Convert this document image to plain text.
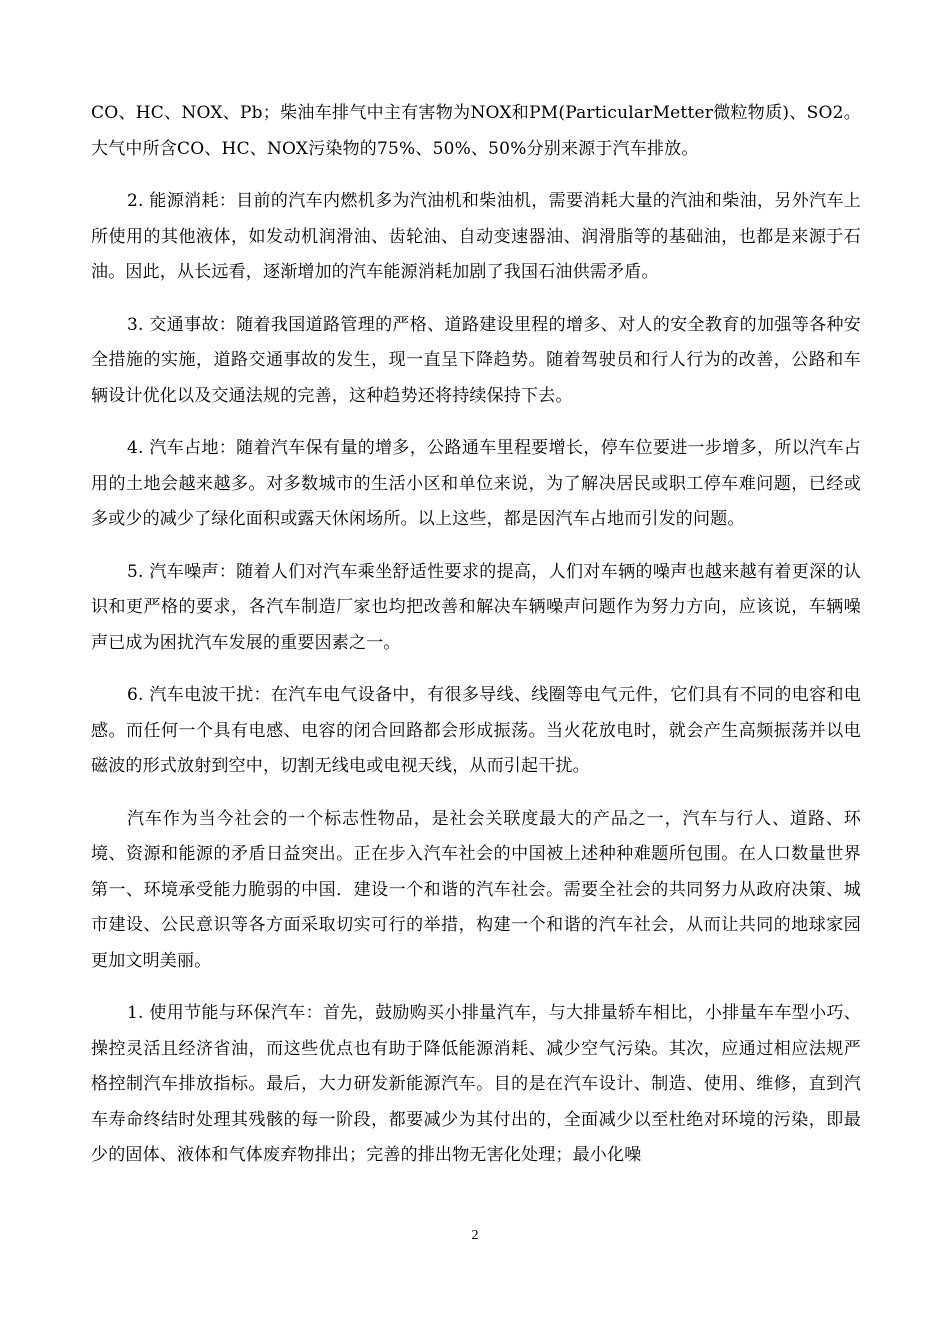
CO、HC、NOX、Pb；柴油车排气中主有害物为NOX和PM(ParticularMetter微粒物质)、SO2。大气中所含CO、HC、NOX污染物的75%、50%、50%分别来源于汽车排放。

2. 能源消耗：目前的汽车内燃机多为汽油机和柴油机，需要消耗大量的汽油和柴油，另外汽车上所使用的其他液体，如发动机润滑油、齿轮油、自动变速器油、润滑脂等的基础油，也都是来源于石油。因此，从长远看，逐渐增加的汽车能源消耗加剧了我国石油供需矛盾。

3. 交通事故：随着我国道路管理的严格、道路建设里程的增多、对人的安全教育的加强等各种安全措施的实施，道路交通事故的发生，现一直呈下降趋势。随着驾驶员和行人行为的改善，公路和车辆设计优化以及交通法规的完善，这种趋势还将持续保持下去。

4. 汽车占地：随着汽车保有量的增多，公路通车里程要增长，停车位要进一步增多，所以汽车占用的土地会越来越多。对多数城市的生活小区和单位来说，为了解决居民或职工停车难问题，已经或多或少的减少了绿化面积或露天休闲场所。以上这些，都是因汽车占地而引发的问题。

5. 汽车噪声：随着人们对汽车乘坐舒适性要求的提高，人们对车辆的噪声也越来越有着更深的认识和更严格的要求，各汽车制造厂家也均把改善和解决车辆噪声问题作为努力方向，应该说，车辆噪声已成为困扰汽车发展的重要因素之一。

6. 汽车电波干扰：在汽车电气设备中，有很多导线、线圈等电气元件，它们具有不同的电容和电感。而任何一个具有电感、电容的闭合回路都会形成振荡。当火花放电时，就会产生高频振荡并以电磁波的形式放射到空中，切割无线电或电视天线，从而引起干扰。

汽车作为当今社会的一个标志性物品，是社会关联度最大的产品之一，汽车与行人、道路、环境、资源和能源的矛盾日益突出。正在步入汽车社会的中国被上述种种难题所包围。在人口数量世界第一、环境承受能力脆弱的中国．建设一个和谐的汽车社会。需要全社会的共同努力从政府决策、城市建设、公民意识等各方面采取切实可行的举措，构建一个和谐的汽车社会，从而让共同的地球家园更加文明美丽。

1. 使用节能与环保汽车：首先，鼓励购买小排量汽车，与大排量轿车相比，小排量车车型小巧、操控灵活且经济省油，而这些优点也有助于降低能源消耗、减少空气污染。其次，应通过相应法规严格控制汽车排放指标。最后，大力研发新能源汽车。目的是在汽车设计、制造、使用、维修，直到汽车寿命终结时处理其残骸的每一阶段，都要减少为其付出的，全面减少以至杜绝对环境的污染，即最少的固体、液体和气体废弃物排出；完善的排出物无害化处理；最小化噪

2
